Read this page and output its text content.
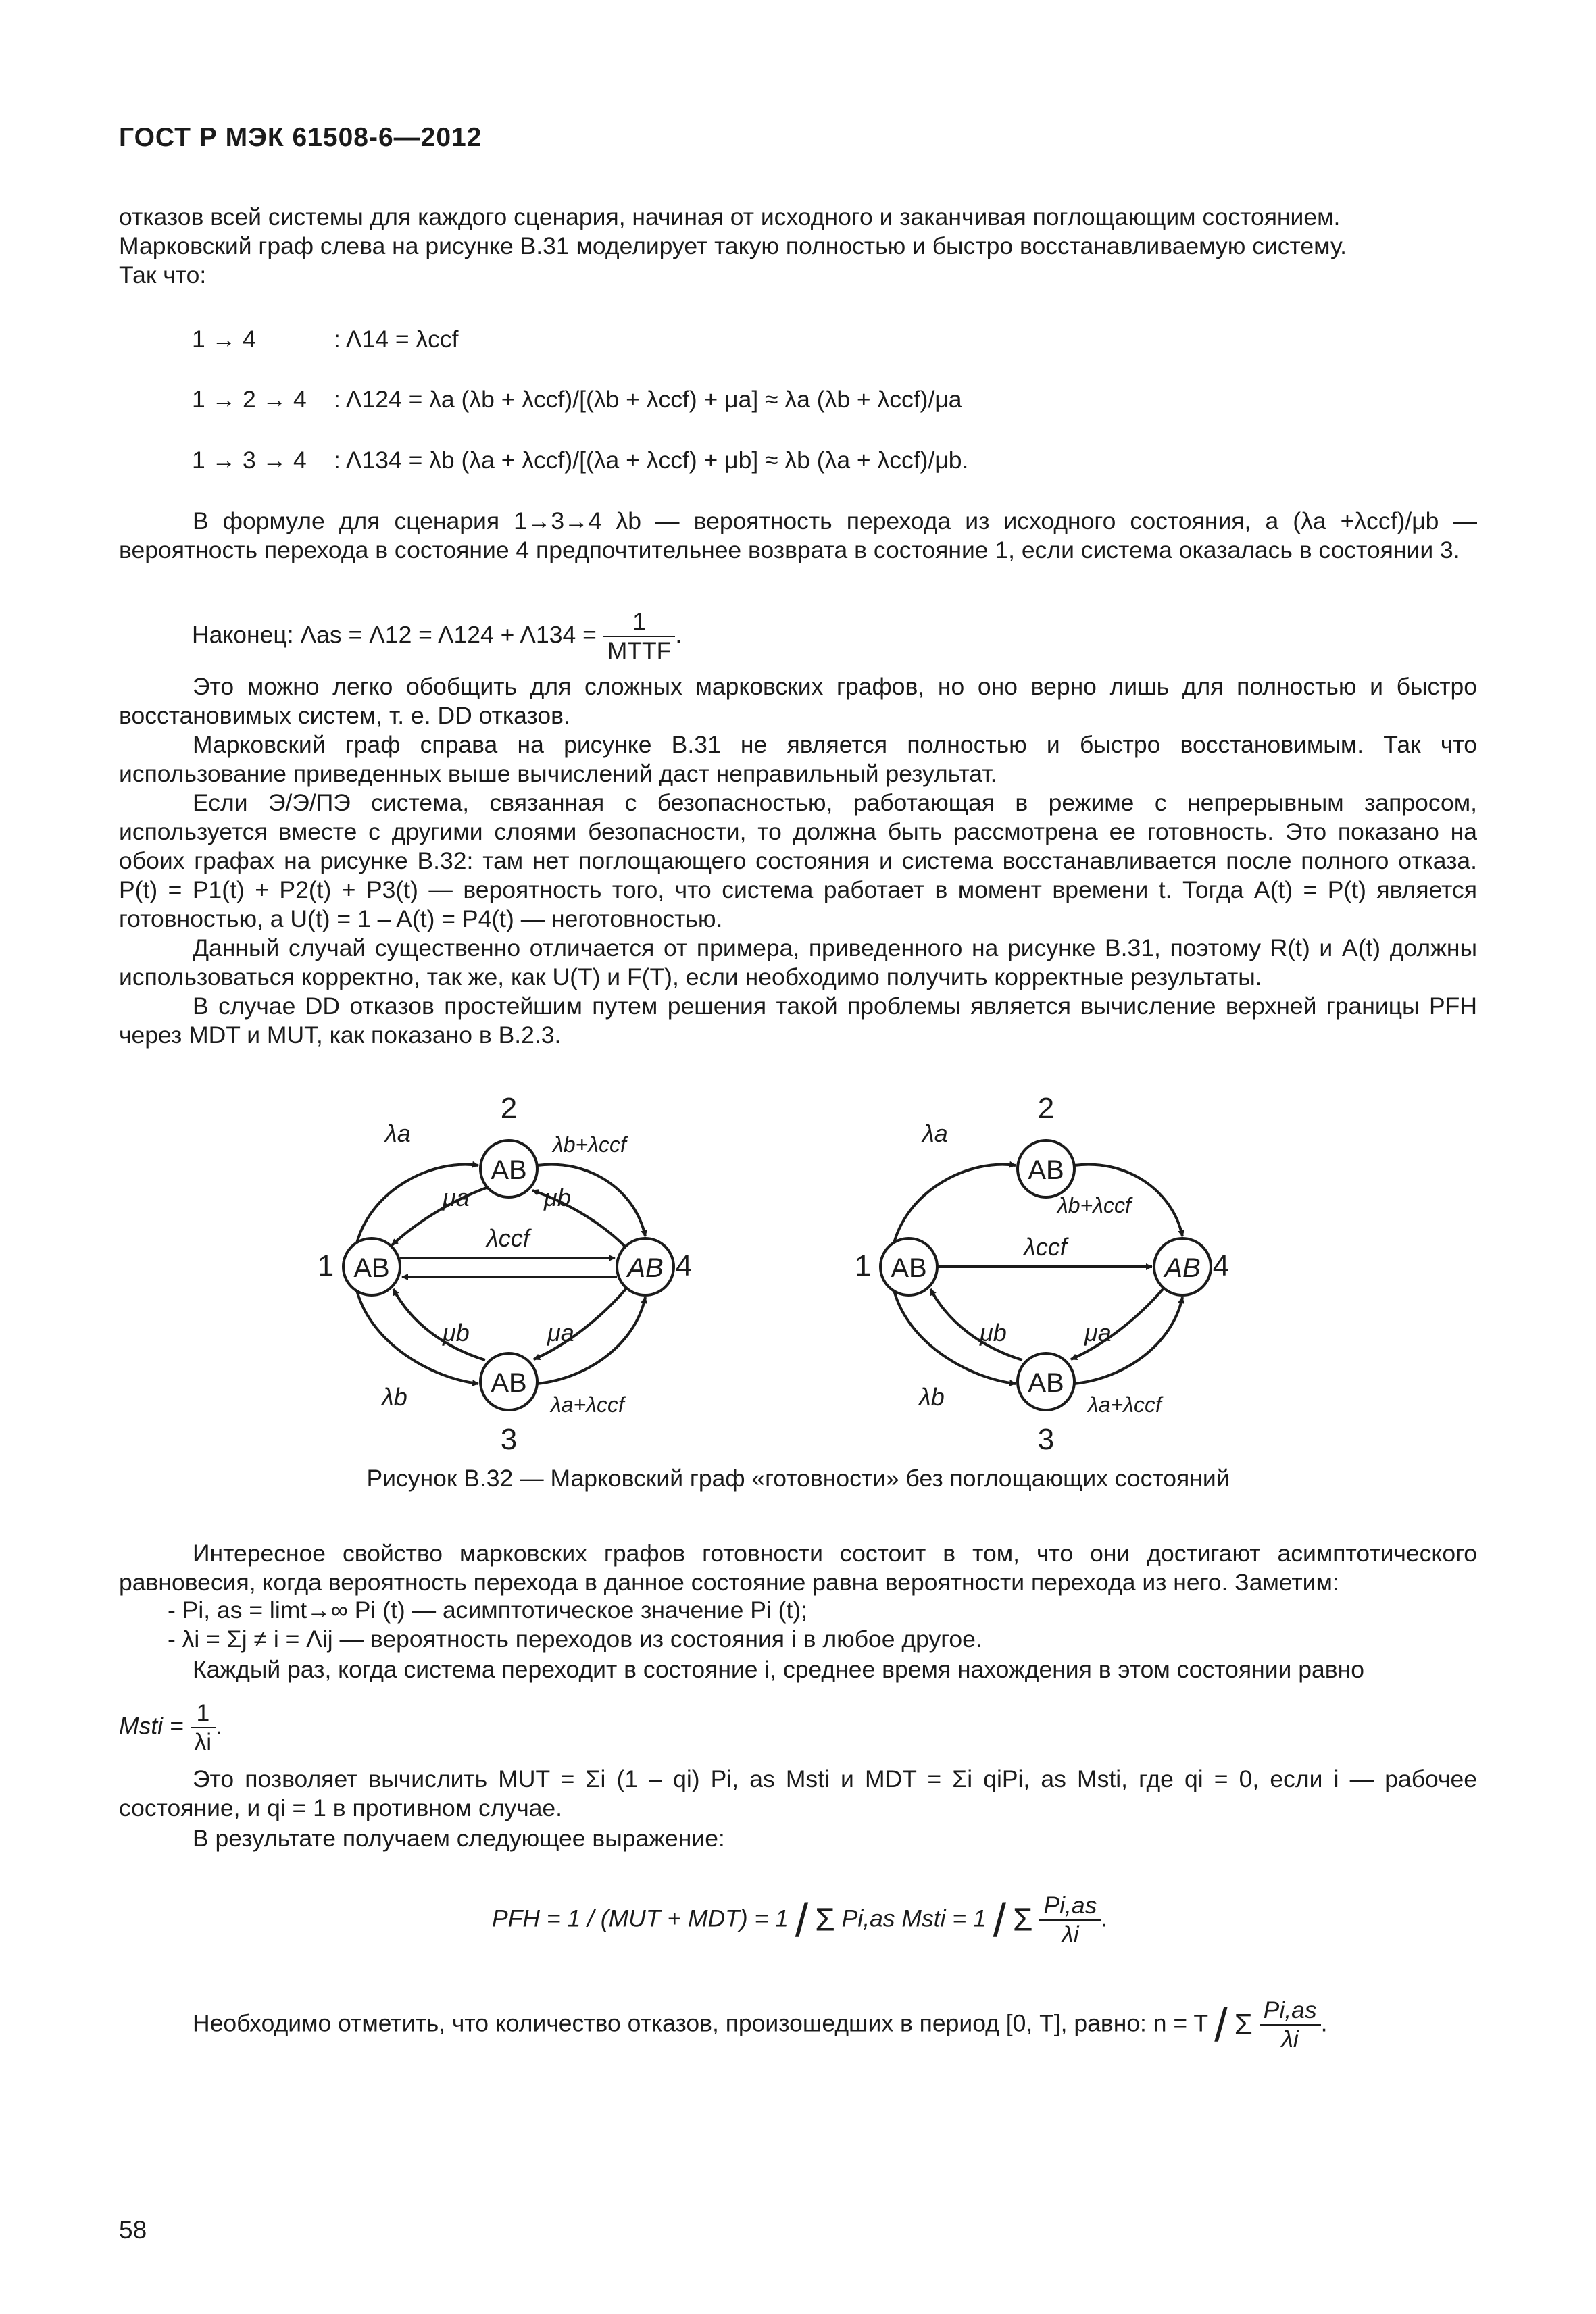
ГОСТ Р МЭК 61508-6—2012
отказов всей системы для каждого сценария, начиная от исходного и заканчивая поглощающим состоянием.
Марковский граф слева на рисунке В.31 моделирует такую полностью и быстро восстанавливаемую систему.
Так что:
1 → 4	: Λ14 = λccf
1 → 2 → 4 : Λ124 = λa (λb + λccf)/[(λb + λccf) + μa] ≈ λa (λb + λccf)/μa
1 → 3 → 4 : Λ134 = λb (λa + λccf)/[(λa + λccf) + μb] ≈ λb (λa + λccf)/μb.
В формуле для сценария 1→3→4 λb — вероятность перехода из исходного состояния, а (λa +λccf)/μb — вероятность перехода в состояние 4 предпочтительнее возврата в состояние 1, если система оказалась в состоянии 3.
Наконец: $\Lambda as = \Lambda 12 = \Lambda 124 + \Lambda 134 = \frac{1}{\text{MTTF}}$ .
Это можно легко обобщить для сложных марковских графов, но оно верно лишь для полностью и быстро восстановимых систем, т. е. DD отказов.
Марковский граф справа на рисунке В.31 не является полностью и быстро восстановимым. Так что использование приведенных выше вычислений даст неправильный результат.
Если Э/Э/ПЭ система, связанная с безопасностью, работающая в режиме с непрерывным запросом, используется вместе с другими слоями безопасности, то должна быть рассмотрена ее готовность. Это показано на обоих графах на рисунке В.32: там нет поглощающего состояния и система восстанавливается после полного отказа. P(t) = P1(t) + P2(t) + P3(t) — вероятность того, что система работает в момент времени t. Тогда A(t) = P(t) является готовностью, а U(t) = 1 – A(t) = P4(t) — неготовностью.
Данный случай существенно отличается от примера, приведенного на рисунке В.31, поэтому R(t) и A(t) должны использоваться корректно, так же, как U(T) и F(T), если необходимо получить корректные результаты.
В случае DD отказов простейшим путем решения такой проблемы является вычисление верхней границы PFH через MDT и MUT, как показано в В.2.3.
2
3
1	4
AB
AB	AB
AB
λa	λb+λccf
μa	μb
λccf
μb	μa
λb	λa+λccf
2
3
1	4
AB
AB	AB
AB
λa
λb+λccf
λccf
μb	μa
λb	λa+λccf
Рисунок В.32 — Марковский граф «готовности» без поглощающих состояний
Интересное свойство марковских графов готовности состоит в том, что они достигают асимптотического равновесия, когда вероятность перехода в данное состояние равна вероятности перехода из него. Заметим:
- Pi, as = limt→∞ Pi (t) — асимптотическое значение Pi (t);
- λi = Σj ≠ i = Λij — вероятность переходов из состояния i в любое другое.
Каждый раз, когда система переходит в состояние i, среднее время нахождения в этом состоянии равно
Msti = $\frac{1}{\lambda i}$ .
Это позволяет вычислить MUT = Σi (1 – qi) Pi, as Msti и MDT = Σi qiPi, as Msti, где qi = 0, если i — рабочее состояние, и qi = 1 в противном случае.
В результате получаем следующее выражение:
PFH = 1 / (MUT + MDT) = 1 / Σ Pi,as Msti = 1 / Σ $\frac{Pi,as}{\lambda i}$ .
Необходимо отметить, что количество отказов, произошедших в период [0, T], равно: n = T / Σ $\frac{Pi,as}{\lambda i}$ .
58
